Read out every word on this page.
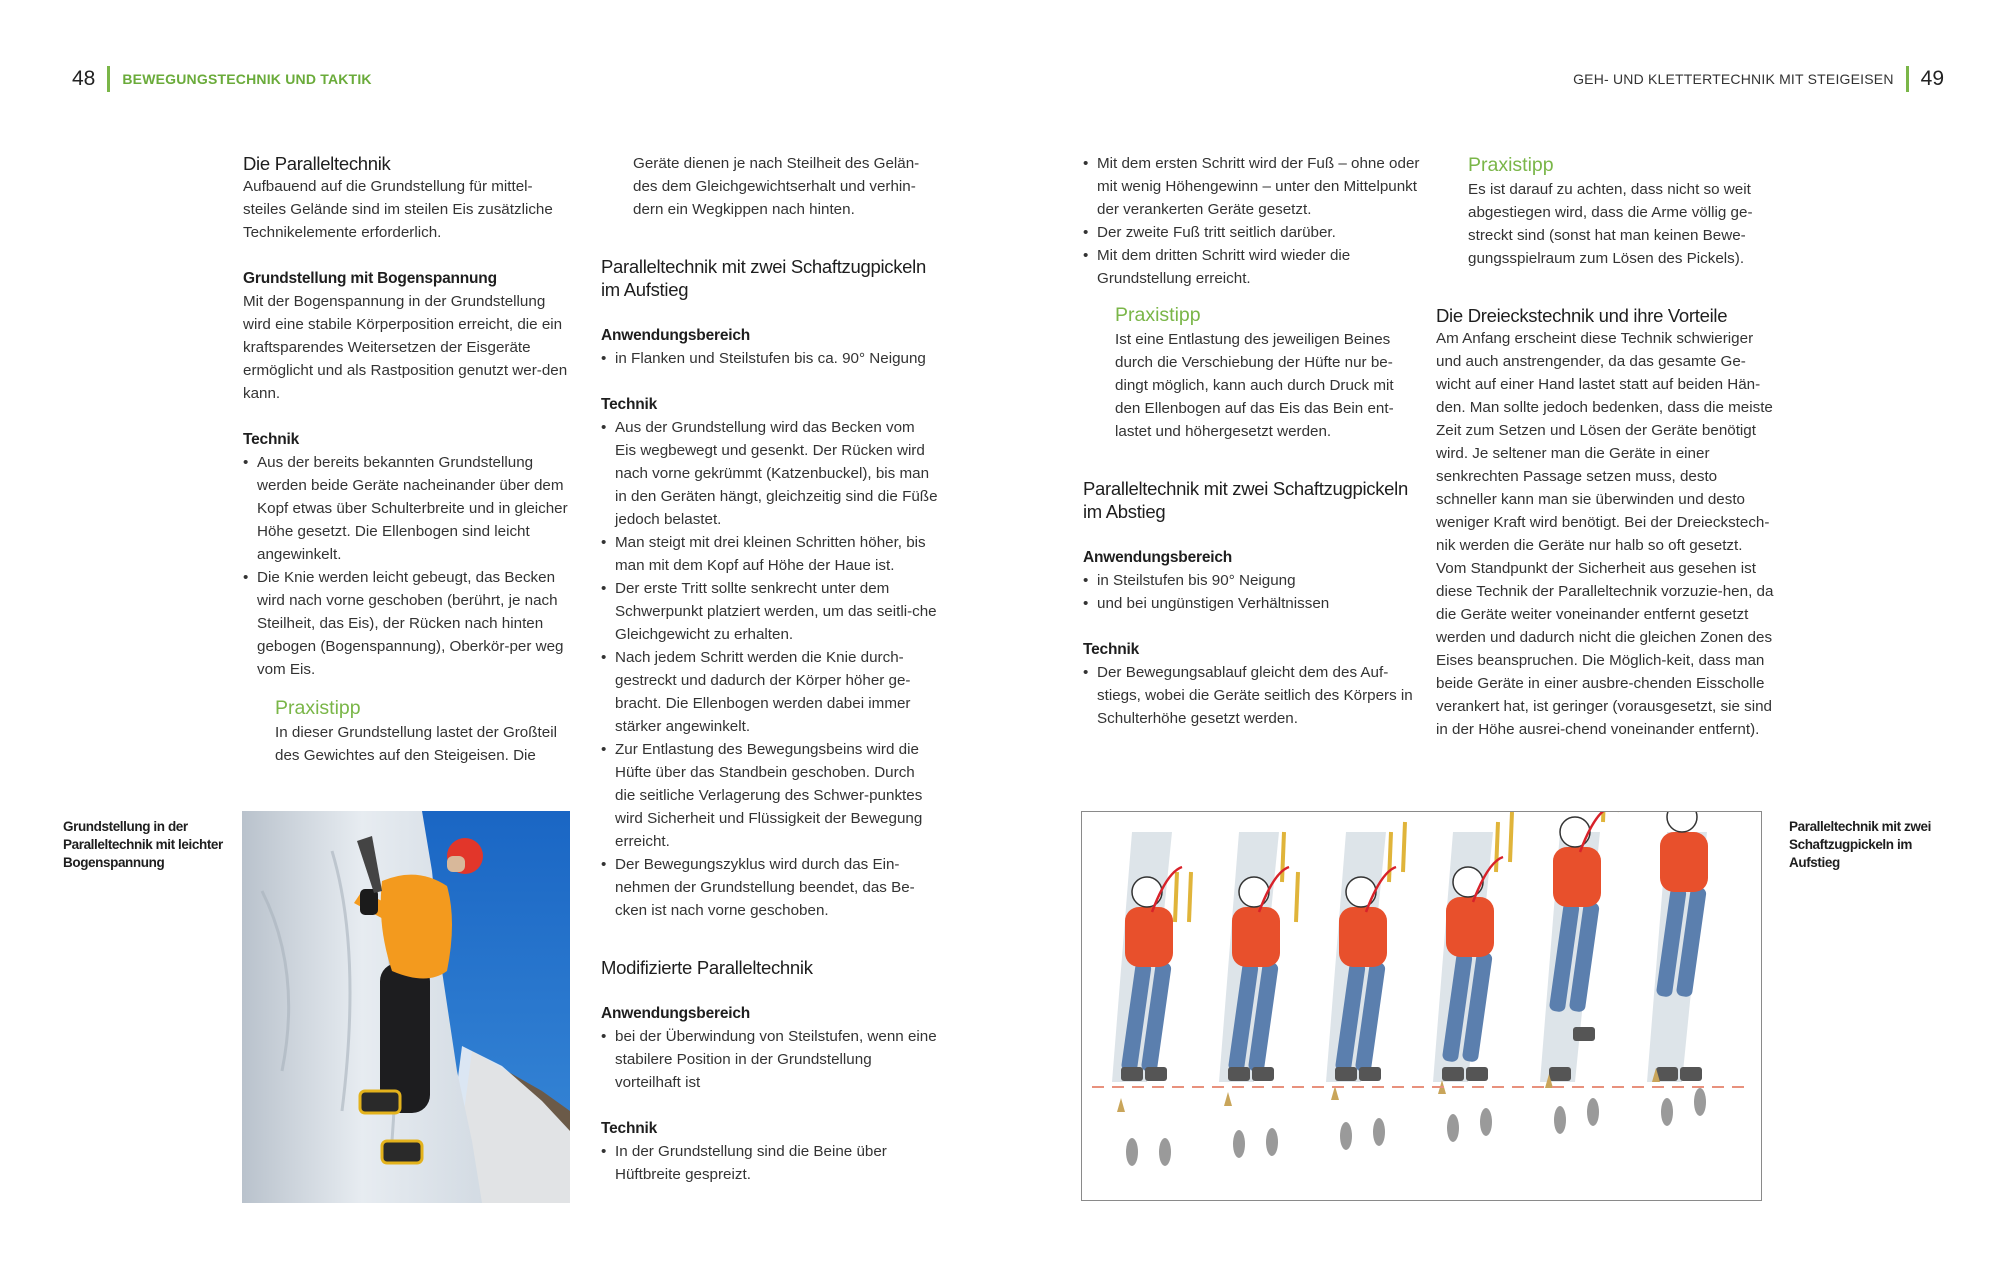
48 BEWEGUNGSTECHNIK UND TAKTIK	GEH- UND KLETTERTECHNIK MIT STEIGEISEN 49
Die Paralleltechnik

Aufbauend auf die Grundstellung für mittel-steiles Gelände sind im steilen Eis zusätzliche Technikelemente erforderlich.

Grundstellung mit Bogenspannung

Mit der Bogenspannung in der Grundstellung wird eine stabile Körperposition erreicht, die ein kraftsparendes Weitersetzen der Eisgeräte ermöglicht und als Rastposition genutzt wer-den kann.

Technik
• Aus der bereits bekannten Grundstellung werden beide Geräte nacheinander über dem Kopf etwas über Schulterbreite und in gleicher Höhe gesetzt. Die Ellenbogen sind leicht angewinkelt.
• Die Knie werden leicht gebeugt, das Becken wird nach vorne geschoben (berührt, je nach Steilheit, das Eis), der Rücken nach hinten gebogen (Bogenspannung), Oberkör-per weg vom Eis.
Praxistipp

In dieser Grundstellung lastet der Großteil des Gewichtes auf den Steigeisen. Die

Geräte dienen je nach Steilheit des Gelän-des dem Gleichgewichtserhalt und verhin-dern ein Wegkippen nach hinten.

Paralleltechnik mit zwei Schaftzugpickeln im Aufstieg
Anwendungsbereich
• in Flanken und Steilstufen bis ca. 90° Neigung
Technik
• Aus der Grundstellung wird das Becken vom Eis wegbewegt und gesenkt. Der Rücken wird nach vorne gekrümmt (Katzenbuckel), bis man in den Geräten hängt, gleichzeitig sind die Füße jedoch belastet.
• Man steigt mit drei kleinen Schritten höher, bis man mit dem Kopf auf Höhe der Haue ist.
• Der erste Tritt sollte senkrecht unter dem Schwerpunkt platziert werden, um das seitli-che Gleichgewicht zu erhalten.
• Nach jedem Schritt werden die Knie durch-gestreckt und dadurch der Körper höher ge-bracht. Die Ellenbogen werden dabei immer stärker angewinkelt.
• Zur Entlastung des Bewegungsbeins wird die Hüfte über das Standbein geschoben. Durch die seitliche Verlagerung des Schwer-punktes wird Sicherheit und Flüssigkeit der Bewegung erreicht.
• Der Bewegungszyklus wird durch das Ein-nehmen der Grundstellung beendet, das Be-cken ist nach vorne geschoben.
Modifizierte Paralleltechnik
Anwendungsbereich
• bei der Überwindung von Steilstufen, wenn eine stabilere Position in der Grundstellung vorteilhaft ist
Technik
• In der Grundstellung sind die Beine über Hüftbreite gespreizt.
Grundstellung in der Paralleltechnik mit leichter Bogenspannung
• Mit dem ersten Schritt wird der Fuß – ohne oder mit wenig Höhengewinn – unter den Mittelpunkt der verankerten Geräte gesetzt.
• Der zweite Fuß tritt seitlich darüber.
• Mit dem dritten Schritt wird wieder die Grundstellung erreicht.
Praxistipp

Ist eine Entlastung des jeweiligen Beines durch die Verschiebung der Hüfte nur be-dingt möglich, kann auch durch Druck mit den Ellenbogen auf das Eis das Bein ent-lastet und höhergesetzt werden.

Paralleltechnik mit zwei Schaftzugpickeln im Abstieg
Anwendungsbereich
• in Steilstufen bis 90° Neigung
• und bei ungünstigen Verhältnissen
Technik
• Der Bewegungsablauf gleicht dem des Auf-stiegs, wobei die Geräte seitlich des Körpers in Schulterhöhe gesetzt werden.
Praxistipp

Es ist darauf zu achten, dass nicht so weit abgestiegen wird, dass die Arme völlig ge-streckt sind (sonst hat man keinen Bewe-gungsspielraum zum Lösen des Pickels).

Die Dreieckstechnik und ihre Vorteile

Am Anfang erscheint diese Technik schwieriger und auch anstrengender, da das gesamte Ge-wicht auf einer Hand lastet statt auf beiden Hän-den. Man sollte jedoch bedenken, dass die meiste Zeit zum Setzen und Lösen der Geräte benötigt wird. Je seltener man die Geräte in einer senkrechten Passage setzen muss, desto schneller kann man sie überwinden und desto weniger Kraft wird benötigt. Bei der Dreieckstech-nik werden die Geräte nur halb so oft gesetzt. Vom Standpunkt der Sicherheit aus gesehen ist diese Technik der Paralleltechnik vorzuzie-hen, da die Geräte weiter voneinander entfernt gesetzt werden und dadurch nicht die gleichen Zonen des Eises beanspruchen. Die Möglich-keit, dass man beide Geräte in einer ausbre-chenden Eisscholle verankert hat, ist geringer (vorausgesetzt, sie sind in der Höhe ausrei-chend voneinander entfernt).

Paralleltechnik mit zwei Schaftzugpickeln im Aufstieg
